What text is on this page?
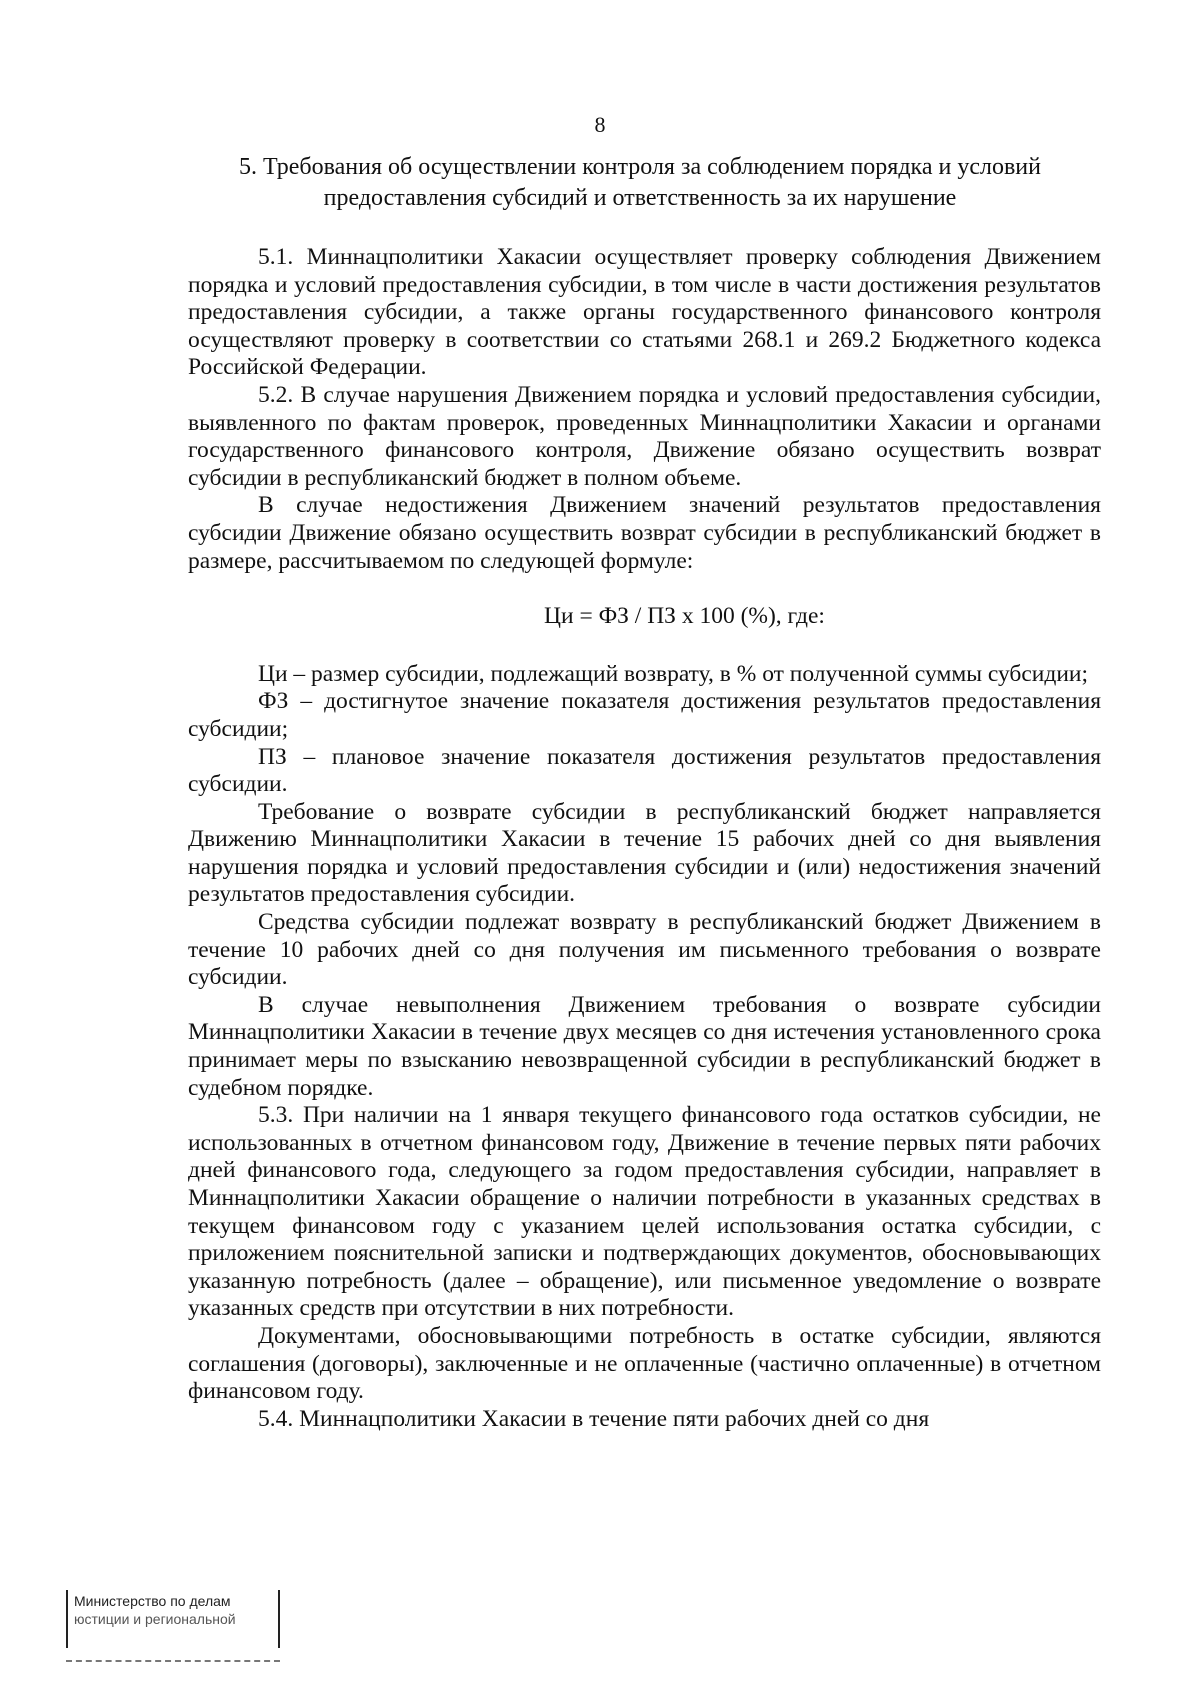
8
5. Требования об осуществлении контроля за соблюдением порядка и условий
предоставления субсидий и ответственность за их нарушение

5.1. Миннацполитики Хакасии осуществляет проверку соблюдения Движением порядка и условий предоставления субсидии, в том числе в части достижения результатов предоставления субсидии, а также органы государственного финансового контроля осуществляют проверку в соответствии со статьями 268.1 и 269.2 Бюджетного кодекса Российской Федерации.

5.2. В случае нарушения Движением порядка и условий предоставления субсидии, выявленного по фактам проверок, проведенных Миннацполитики Хакасии и органами государственного финансового контроля, Движение обязано осуществить возврат субсидии в республиканский бюджет в полном объеме.

В случае недостижения Движением значений результатов предоставления субсидии Движение обязано осуществить возврат субсидии в республиканский бюджет в размере, рассчитываемом по следующей формуле:

Ци = ФЗ / ПЗ х 100 (%), где:

Ци – размер субсидии, подлежащий возврату, в % от полученной суммы субсидии;

ФЗ – достигнутое значение показателя достижения результатов предоставления субсидии;

ПЗ – плановое значение показателя достижения результатов предоставления субсидии.

Требование о возврате субсидии в республиканский бюджет направляется Движению Миннацполитики Хакасии в течение 15 рабочих дней со дня выявления нарушения порядка и условий предоставления субсидии и (или) недостижения значений результатов предоставления субсидии.

Средства субсидии подлежат возврату в республиканский бюджет Движением в течение 10 рабочих дней со дня получения им письменного требования о возврате субсидии.

В случае невыполнения Движением требования о возврате субсидии Миннацполитики Хакасии в течение двух месяцев со дня истечения установленного срока принимает меры по взысканию невозвращенной субсидии в республиканский бюджет в судебном порядке.

5.3. При наличии на 1 января текущего финансового года остатков субсидии, не использованных в отчетном финансовом году, Движение в течение первых пяти рабочих дней финансового года, следующего за годом предоставления субсидии, направляет в Миннацполитики Хакасии обращение о наличии потребности в указанных средствах в текущем финансовом году с указанием целей использования остатка субсидии, с приложением пояснительной записки и подтверждающих документов, обосновывающих указанную потребность (далее – обращение), или письменное уведомление о возврате указанных средств при отсутствии в них потребности.

Документами, обосновывающими потребность в остатке субсидии, являются соглашения (договоры), заключенные и не оплаченные (частично оплаченные) в отчетном финансовом году.

5.4. Миннацполитики Хакасии в течение пяти рабочих дней со дня

Министерство по делам
юстиции и региональной
